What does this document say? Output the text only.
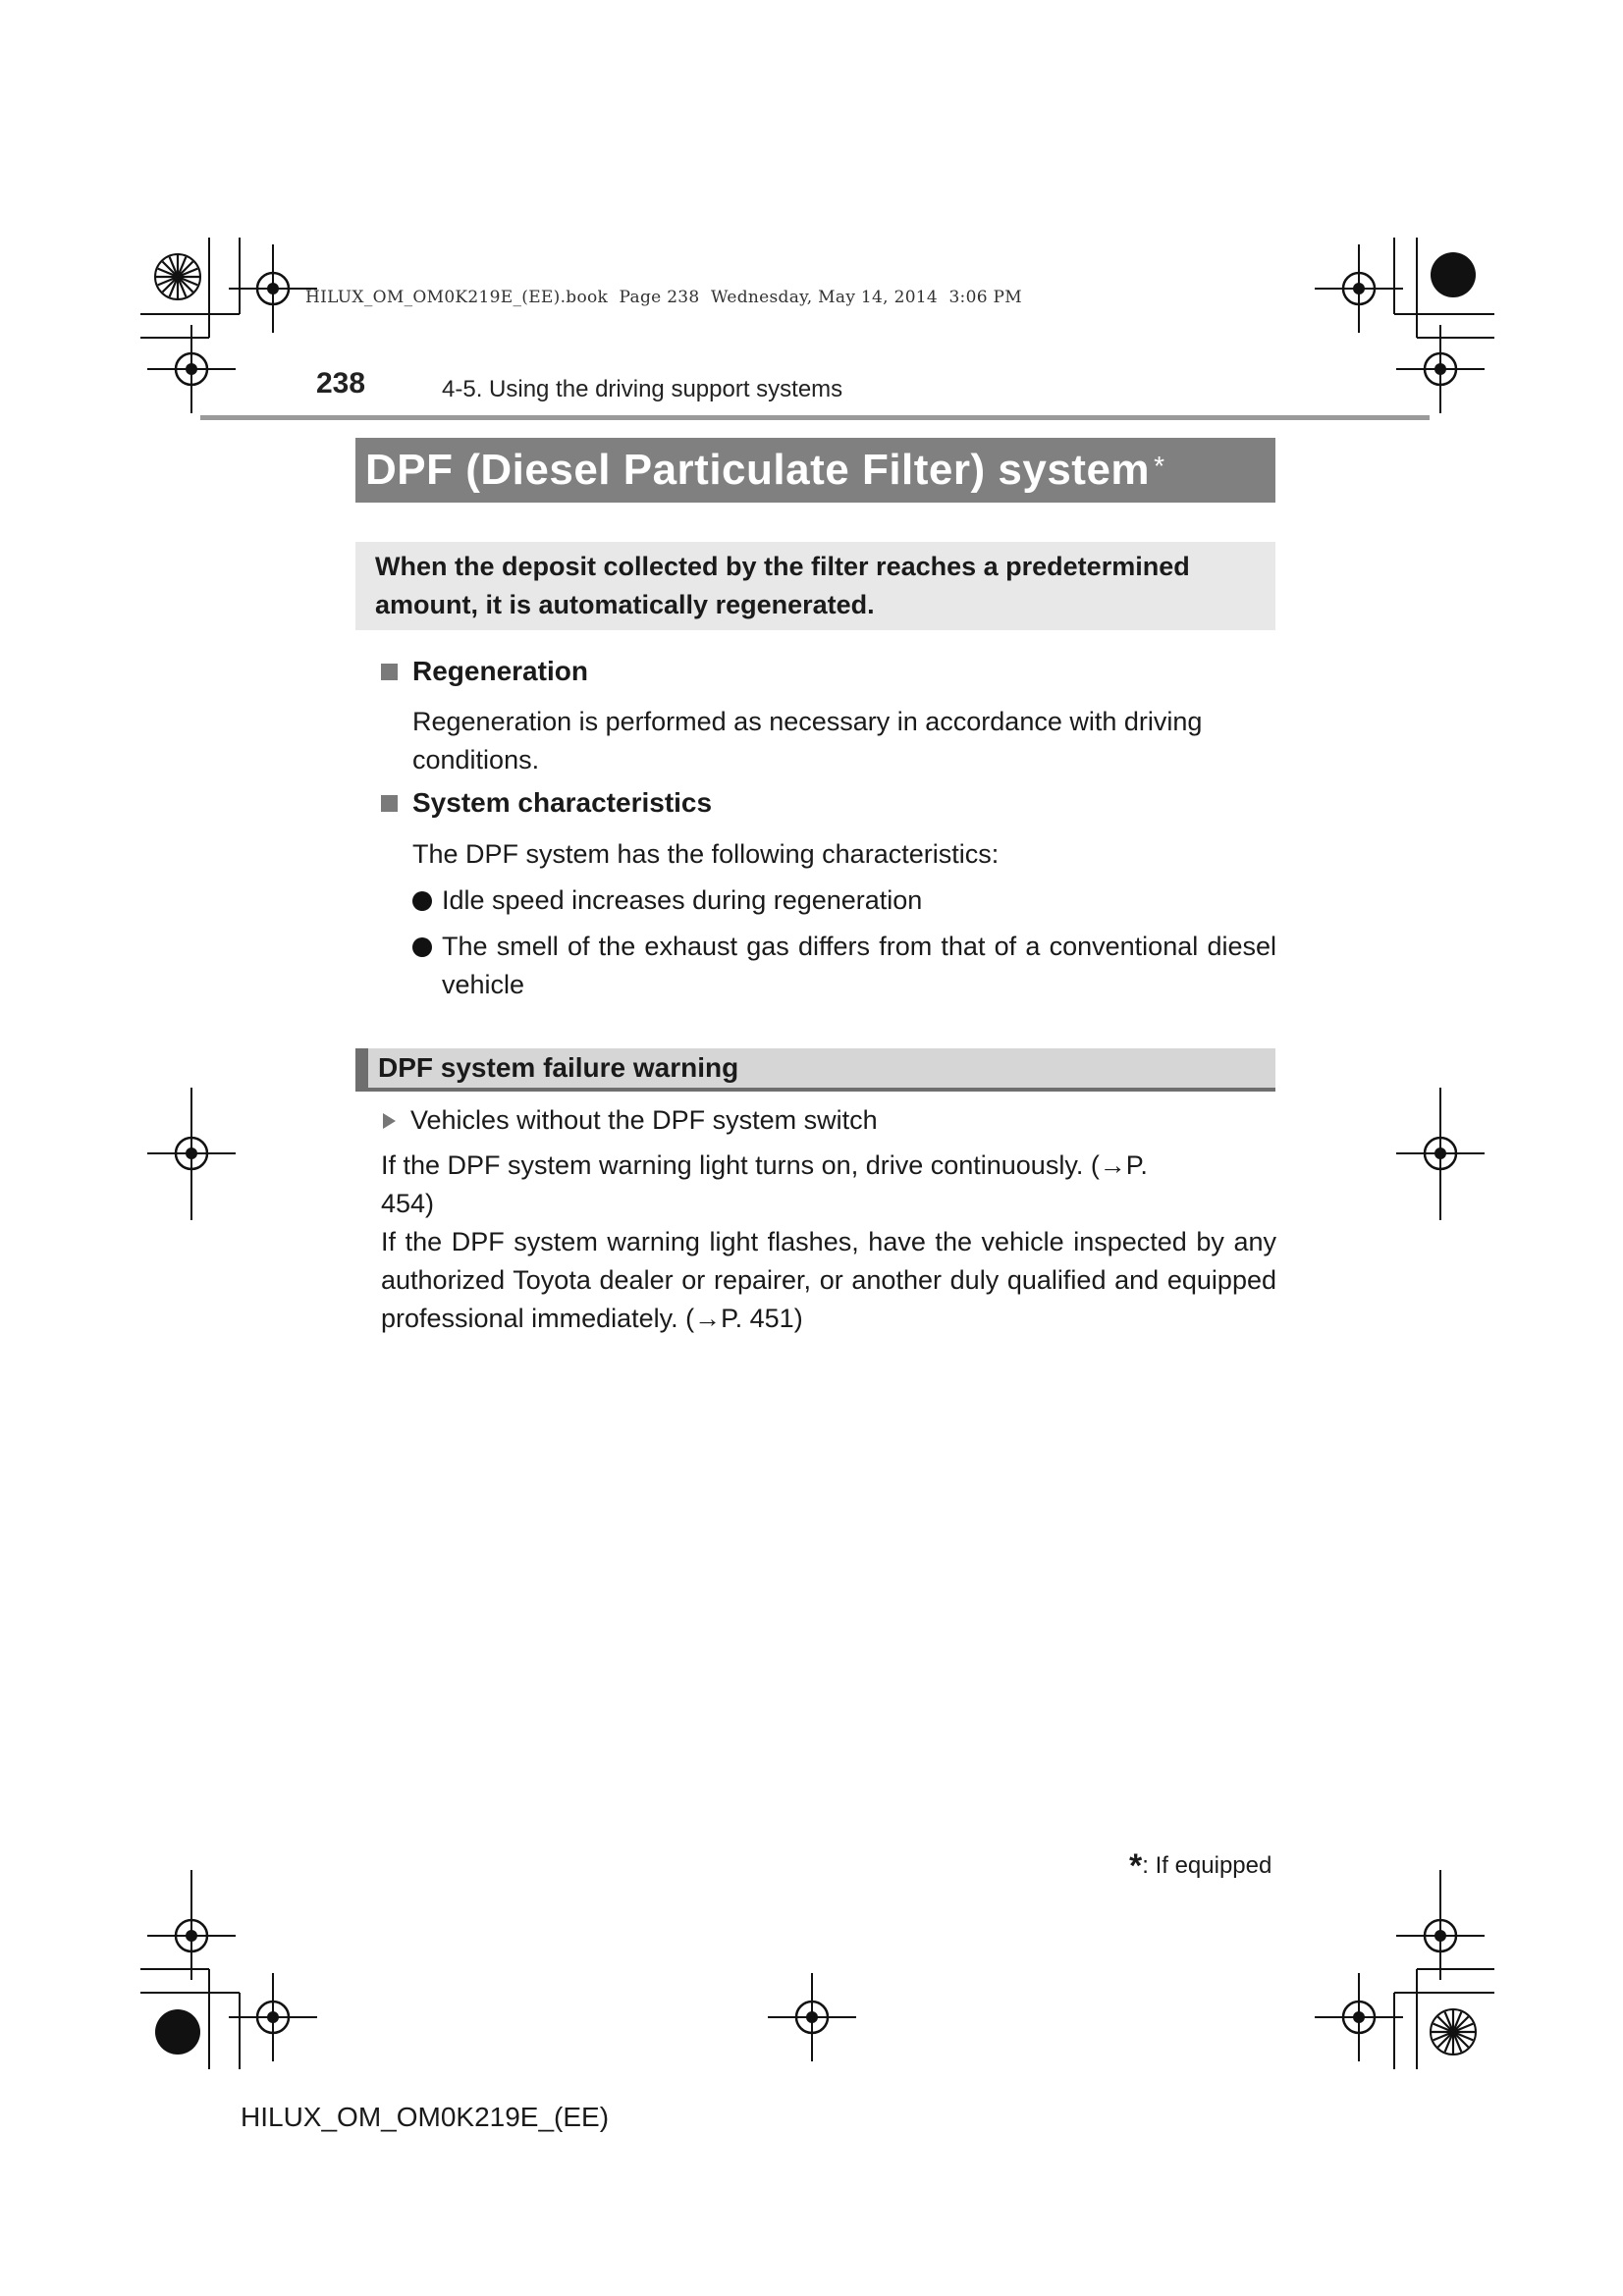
HILUX_OM_OM0K219E_(EE).book  Page 238  Wednesday, May 14, 2014  3:06 PM
238	4-5. Using the driving support systems
DPF (Diesel Particulate Filter) system *
When the deposit collected by the filter reaches a predetermined amount, it is automatically regenerated.
Regeneration
Regeneration is performed as necessary in accordance with driving conditions.
System characteristics
The DPF system has the following characteristics:
Idle speed increases during regeneration
The smell of the exhaust gas differs from that of a conventional diesel vehicle
DPF system failure warning
Vehicles without the DPF system switch
If the DPF system warning light turns on, drive continuously. (→P. 454)
If the DPF system warning light flashes, have the vehicle inspected by any authorized Toyota dealer or repairer, or another duly qualified and equipped professional immediately. (→P. 451)
*: If equipped
HILUX_OM_OM0K219E_(EE)
